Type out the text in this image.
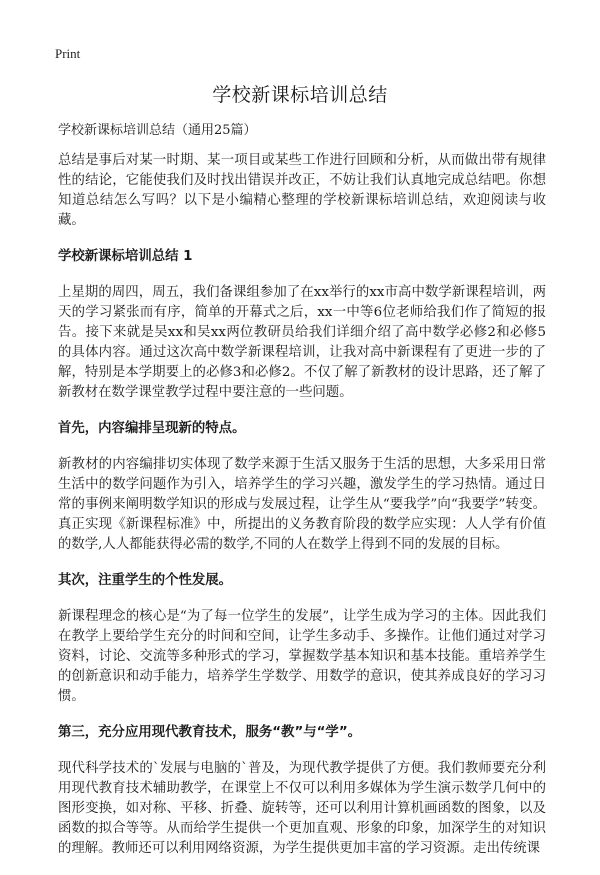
Print
学校新课标培训总结

学校新课标培训总结（通用25篇）

总结是事后对某一时期、某一项目或某些工作进行回顾和分析，从而做出带有规律性的结论，它能使我们及时找出错误并改正，不妨让我们认真地完成总结吧。你想知道总结怎么写吗？以下是小编精心整理的学校新课标培训总结，欢迎阅读与收藏。

学校新课标培训总结 1

上星期的周四，周五，我们备课组参加了在xx举行的xx市高中数学新课程培训，两天的学习紧张而有序，简单的开幕式之后，xx一中等6位老师给我们作了简短的报告。接下来就是吴xx和吴xx两位教研员给我们详细介绍了高中数学必修2和必修5的具体内容。通过这次高中数学新课程培训，让我对高中新课程有了更进一步的了解，特别是本学期要上的必修3和必修2。不仅了解了新教材的设计思路，还了解了新教材在数学课堂教学过程中要注意的一些问题。

首先，内容编排呈现新的特点。

新教材的内容编排切实体现了数学来源于生活又服务于生活的思想，大多采用日常生活中的数学问题作为引入，培养学生的学习兴趣，激发学生的学习热情。通过日常的事例来阐明数学知识的形成与发展过程，让学生从“要我学”向“我要学”转变。真正实现《新课程标准》中，所提出的义务教育阶段的数学应实现：人人学有价值的数学,人人都能获得必需的数学,不同的人在数学上得到不同的发展的目标。

其次，注重学生的个性发展。

新课程理念的核心是“为了每一位学生的发展”，让学生成为学习的主体。因此我们在教学上要给学生充分的时间和空间，让学生多动手、多操作。让他们通过对学习资料，讨论、交流等多种形式的学习，掌握数学基本知识和基本技能。重培养学生的创新意识和动手能力，培养学生学数学、用数学的意识，使其养成良好的学习习惯。

第三，充分应用现代教育技术，服务“教”与“学”。

现代科学技术的`发展与电脑的`普及，为现代教学提供了方便。我们教师要充分利用现代教育技术辅助教学，在课堂上不仅可以利用多媒体为学生演示数学几何中的图形变换，如对称、平移、折叠、旋转等，还可以利用计算机画函数的图象，以及函数的拟合等等。从而给学生提供一个更加直观、形象的印象，加深学生的对知识的理解。教师还可以利用网络资源，为学生提供更加丰富的学习资源。走出传统课
